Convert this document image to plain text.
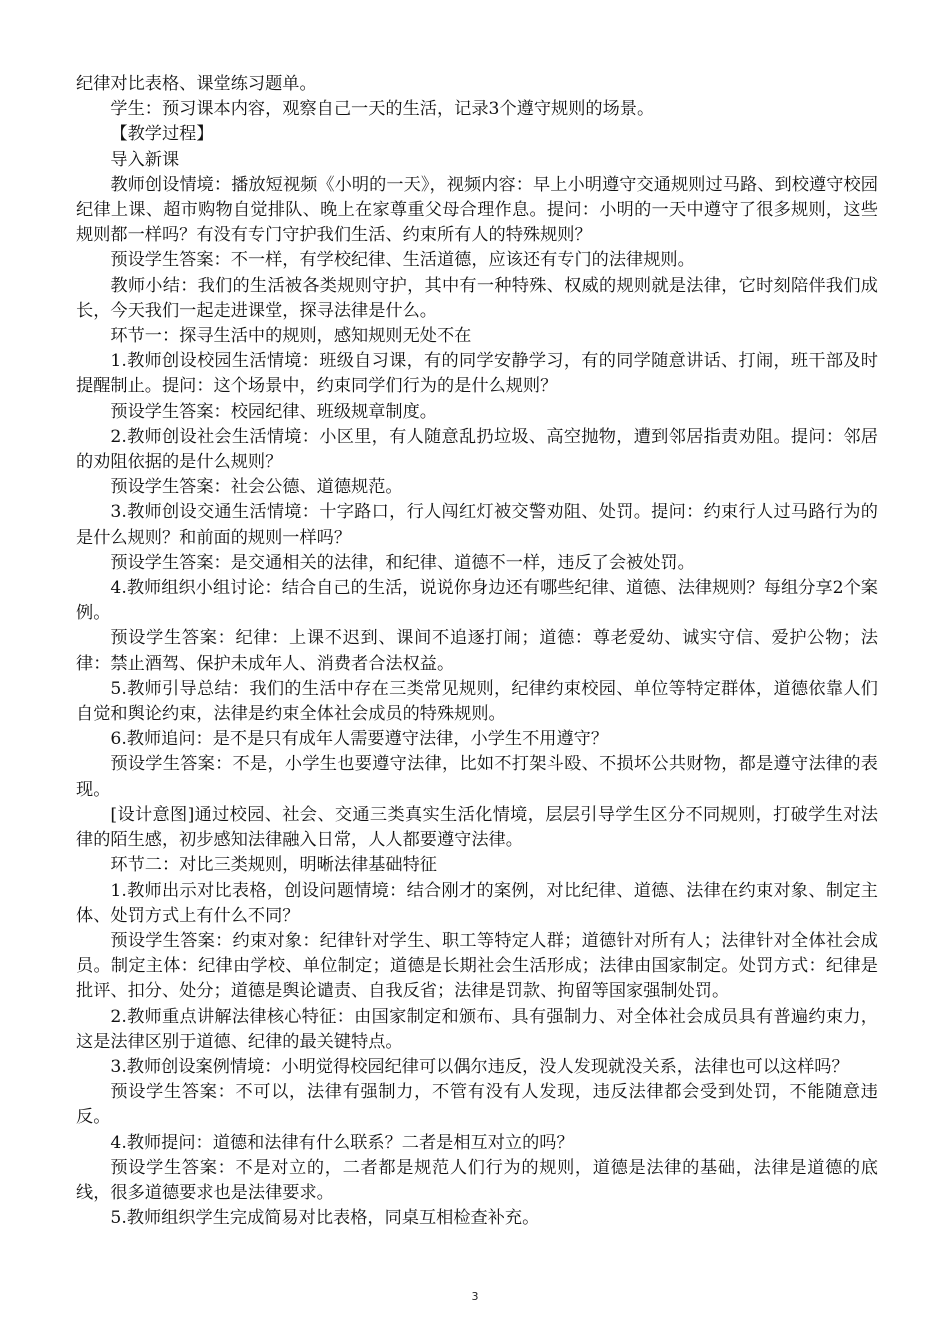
纪律对比表格、课堂练习题单。

学生：预习课本内容，观察自己一天的生活，记录3个遵守规则的场景。

【教学过程】

导入新课

教师创设情境：播放短视频《小明的一天》，视频内容：早上小明遵守交通规则过马路、到校遵守校园纪律上课、超市购物自觉排队、晚上在家尊重父母合理作息。提问：小明的一天中遵守了很多规则，这些规则都一样吗？有没有专门守护我们生活、约束所有人的特殊规则？

预设学生答案：不一样，有学校纪律、生活道德，应该还有专门的法律规则。

教师小结：我们的生活被各类规则守护，其中有一种特殊、权威的规则就是法律，它时刻陪伴我们成长，今天我们一起走进课堂，探寻法律是什么。

环节一：探寻生活中的规则，感知规则无处不在

1.教师创设校园生活情境：班级自习课，有的同学安静学习，有的同学随意讲话、打闹，班干部及时提醒制止。提问：这个场景中，约束同学们行为的是什么规则？

预设学生答案：校园纪律、班级规章制度。

2.教师创设社会生活情境：小区里，有人随意乱扔垃圾、高空抛物，遭到邻居指责劝阻。提问：邻居的劝阻依据的是什么规则？

预设学生答案：社会公德、道德规范。

3.教师创设交通生活情境：十字路口，行人闯红灯被交警劝阻、处罚。提问：约束行人过马路行为的是什么规则？和前面的规则一样吗？

预设学生答案：是交通相关的法律，和纪律、道德不一样，违反了会被处罚。

4.教师组织小组讨论：结合自己的生活，说说你身边还有哪些纪律、道德、法律规则？每组分享2个案例。

预设学生答案：纪律：上课不迟到、课间不追逐打闹；道德：尊老爱幼、诚实守信、爱护公物；法律：禁止酒驾、保护未成年人、消费者合法权益。

5.教师引导总结：我们的生活中存在三类常见规则，纪律约束校园、单位等特定群体，道德依靠人们自觉和舆论约束，法律是约束全体社会成员的特殊规则。

6.教师追问：是不是只有成年人需要遵守法律，小学生不用遵守？

预设学生答案：不是，小学生也要遵守法律，比如不打架斗殴、不损坏公共财物，都是遵守法律的表现。

[设计意图]通过校园、社会、交通三类真实生活化情境，层层引导学生区分不同规则，打破学生对法律的陌生感，初步感知法律融入日常，人人都要遵守法律。

环节二：对比三类规则，明晰法律基础特征

1.教师出示对比表格，创设问题情境：结合刚才的案例，对比纪律、道德、法律在约束对象、制定主体、处罚方式上有什么不同？

预设学生答案：约束对象：纪律针对学生、职工等特定人群；道德针对所有人；法律针对全体社会成员。制定主体：纪律由学校、单位制定；道德是长期社会生活形成；法律由国家制定。处罚方式：纪律是批评、扣分、处分；道德是舆论谴责、自我反省；法律是罚款、拘留等国家强制处罚。

2.教师重点讲解法律核心特征：由国家制定和颁布、具有强制力、对全体社会成员具有普遍约束力，这是法律区别于道德、纪律的最关键特点。

3.教师创设案例情境：小明觉得校园纪律可以偶尔违反，没人发现就没关系，法律也可以这样吗？

预设学生答案：不可以，法律有强制力，不管有没有人发现，违反法律都会受到处罚，不能随意违反。

4.教师提问：道德和法律有什么联系？二者是相互对立的吗？

预设学生答案：不是对立的，二者都是规范人们行为的规则，道德是法律的基础，法律是道德的底线，很多道德要求也是法律要求。

5.教师组织学生完成简易对比表格，同桌互相检查补充。

3
